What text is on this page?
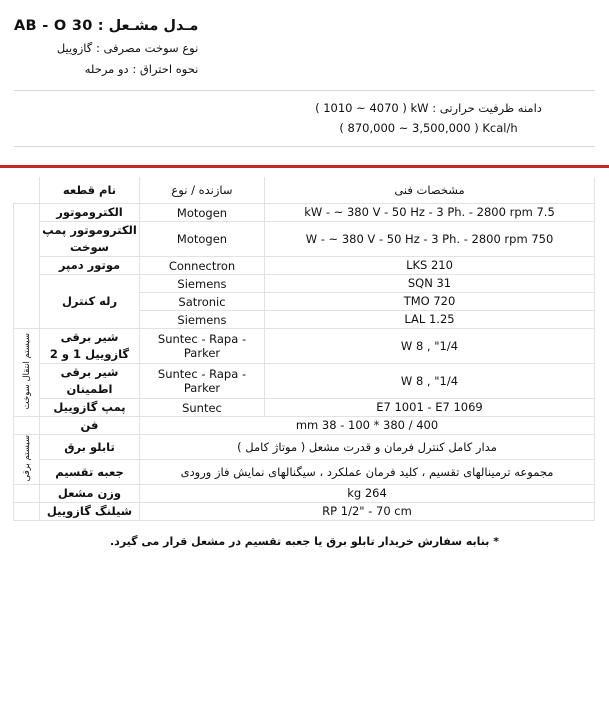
مـدل مشـعل : AB - O 30
نوع سوخت مصرفی : گازوییل
نحوه احتراق : دو مرحله
دامنه ظرفیت حرارتی : ( 1010 ~ 4070 ) kW
( 870,000 ~ 3,500,000 ) Kcal/h
مشخصات فنی	سازنده / نوع	نام قطعه	
7.5 kW - ~ 380 V - 50 Hz - 3 Ph. - 2800 rpm	Motogen	الکتروموتور	
750 W - ~ 380 V - 50 Hz - 3 Ph. - 2800 rpm	Motogen	الکتروموتور پمپ سوخت	
LKS 210	Connectron	موتور دمپر	
SQN 31	Siemens	رله کنترل	
TMO 720	Satronic		
LAL 1.25	Siemens		
1/4" , 8 W	Suntec - Rapa - Parker	شیر برقی گازوییل 1 و 2	سیستم انتقال سوخت
1/4" , 8 W	Suntec - Rapa - Parker	شیر برقی اطمینان	
E7 1001 - E7 1069	Suntec	پمپ گازوییل	
400 / 380 * 100 - 38 mm		فن	
مدار کامل کنترل فرمان و قدرت مشعل ( موتاژ کامل )		تابلو برق	سیستم برقی
مجموعه ترمینالهای تقسیم ، کلید فرمان عملکرد ، سیگنالهای نمایش فاز ورودی		جعبه تقسیم	
264 kg		وزن مشعل	
RP 1/2" - 70 cm		شیلنگ گازوییل	
* بنابه سفارش خریدار تابلو برق یا جعبه تقسیم در مشعل قرار می گیرد.
